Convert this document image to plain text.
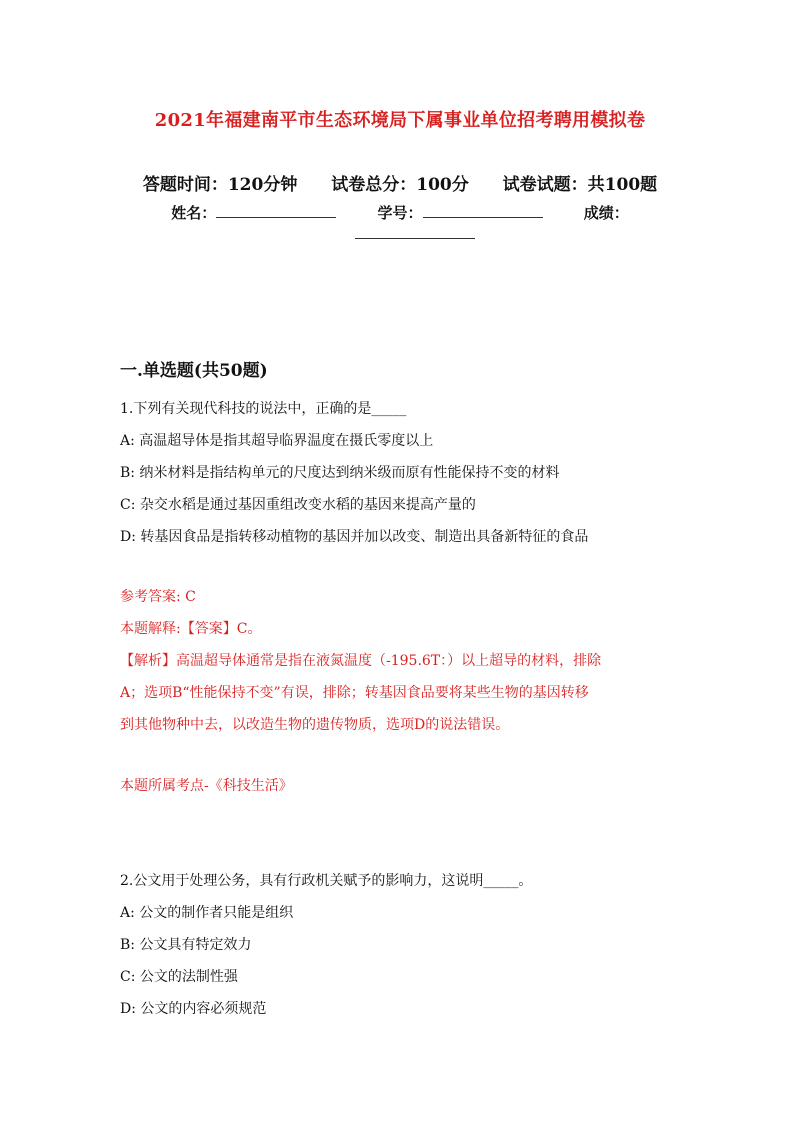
2021年福建南平市生态环境局下属事业单位招考聘用模拟卷
答题时间：120分钟 试卷总分：100分 试卷试题：共100题
姓名：	学号：	成绩：
一.单选题(共50题)
1.下列有关现代科技的说法中，正确的是_____
A: 高温超导体是指其超导临界温度在摄氏零度以上
B: 纳米材料是指结构单元的尺度达到纳米级而原有性能保持不变的材料
C: 杂交水稻是通过基因重组改变水稻的基因来提高产量的
D: 转基因食品是指转移动植物的基因并加以改变、制造出具备新特征的食品
参考答案: C
本题解释:【答案】C。
【解析】高温超导体通常是指在液氮温度（-195.6T：）以上超导的材料，排除
A；选项B“性能保持不变”有误，排除；转基因食品要将某些生物的基因转移
到其他物种中去，以改造生物的遗传物质，选项D的说法错误。
本题所属考点-《科技生活》
2.公文用于处理公务，具有行政机关赋予的影响力，这说明_____。
A: 公文的制作者只能是组织
B: 公文具有特定效力
C: 公文的法制性强
D: 公文的内容必须规范
